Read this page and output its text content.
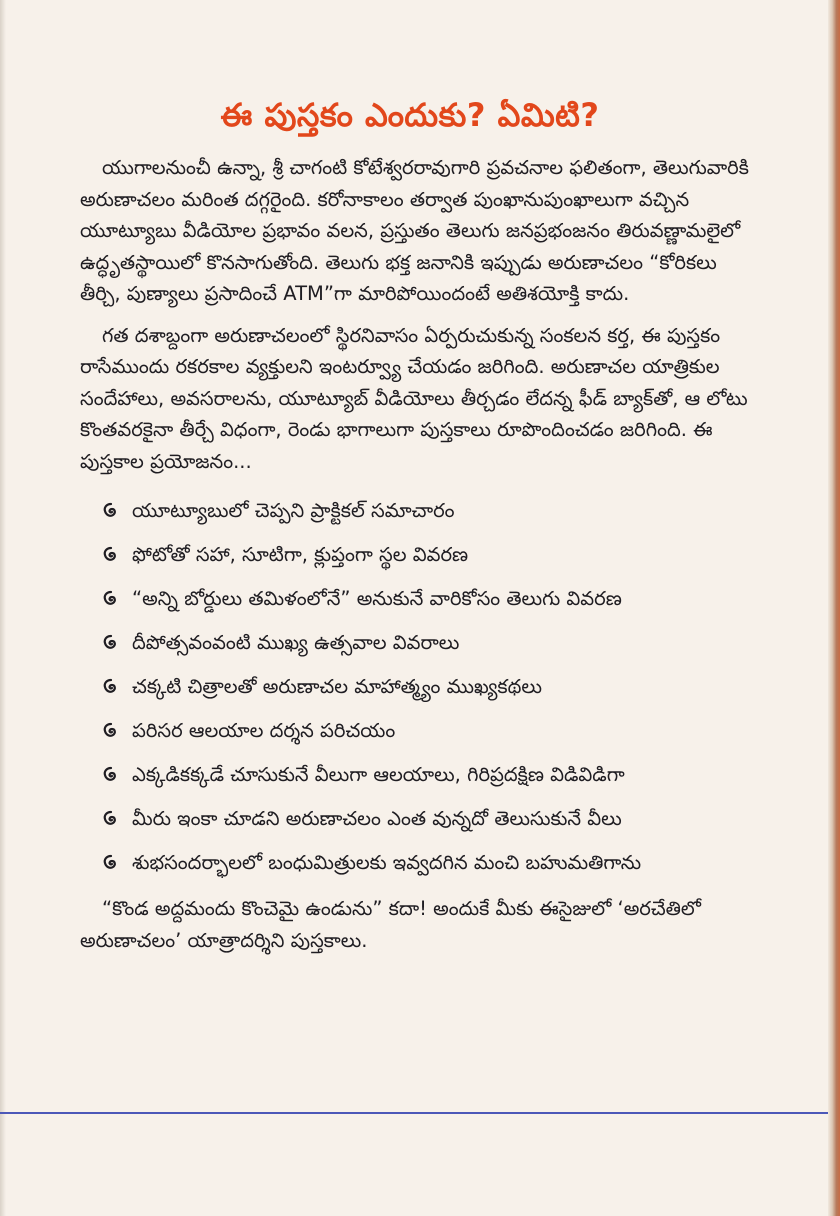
ఈ పుస్తకం ఎందుకు? ఏమిటి?

యుగాలనుంచీ ఉన్నా, శ్రీ చాగంటి కోటేశ్వరరావుగారి ప్రవచనాల ఫలితంగా, తెలుగువారికి అరుణాచలం మరింత దగ్గరైంది. కరోనాకాలం తర్వాత పుంఖానుపుంఖాలుగా వచ్చిన యూట్యూబు వీడియోల ప్రభావం వలన, ప్రస్తుతం తెలుగు జనప్రభంజనం తిరువణ్ణామలైలో ఉద్ధృతస్థాయిలో కొనసాగుతోంది. తెలుగు భక్త జనానికి ఇప్పుడు అరుణాచలం “కోరికలు తీర్చి, పుణ్యాలు ప్రసాదించే ATM”గా మారిపోయిందంటే అతిశయోక్తి కాదు.

గత దశాబ్దంగా అరుణాచలంలో స్థిరనివాసం ఏర్పరుచుకున్న సంకలన కర్త, ఈ పుస్తకం రాసేముందు రకరకాల వ్యక్తులని ఇంటర్వ్యూ చేయడం జరిగింది. అరుణాచల యాత్రికుల సందేహాలు, అవసరాలను, యూట్యూబ్ వీడియోలు తీర్చడం లేదన్న ఫీడ్ బ్యాక్‌తో, ఆ లోటు కొంతవరకైనా తీర్చే విధంగా, రెండు భాగాలుగా పుస్తకాలు రూపొందించడం జరిగింది. ఈ పుస్తకాల ప్రయోజనం...

యూట్యూబులో చెప్పని ప్రాక్టికల్ సమాచారం
ఫోటోతో సహా, సూటిగా, క్లుప్తంగా స్థల వివరణ
“అన్ని బోర్డులు తమిళంలోనే” అనుకునే వారికోసం తెలుగు వివరణ
దీపోత్సవంవంటి ముఖ్య ఉత్సవాల వివరాలు
చక్కటి చిత్రాలతో అరుణాచల మాహాత్మ్యం ముఖ్యకథలు
పరిసర ఆలయాల దర్శన పరిచయం
ఎక్కడికక్కడే చూసుకునే వీలుగా ఆలయాలు, గిరిప్రదక్షిణ విడివిడిగా
మీరు ఇంకా చూడని అరుణాచలం ఎంత వున్నదో తెలుసుకునే వీలు
శుభసందర్భాలలో బంధుమిత్రులకు ఇవ్వదగిన మంచి బహుమతిగాను

“కొండ అద్దమందు కొంచెమై ఉండును” కదా! అందుకే మీకు ఈసైజులో ‘అరచేతిలో అరుణాచలం’ యాత్రాదర్శిని పుస్తకాలు.
